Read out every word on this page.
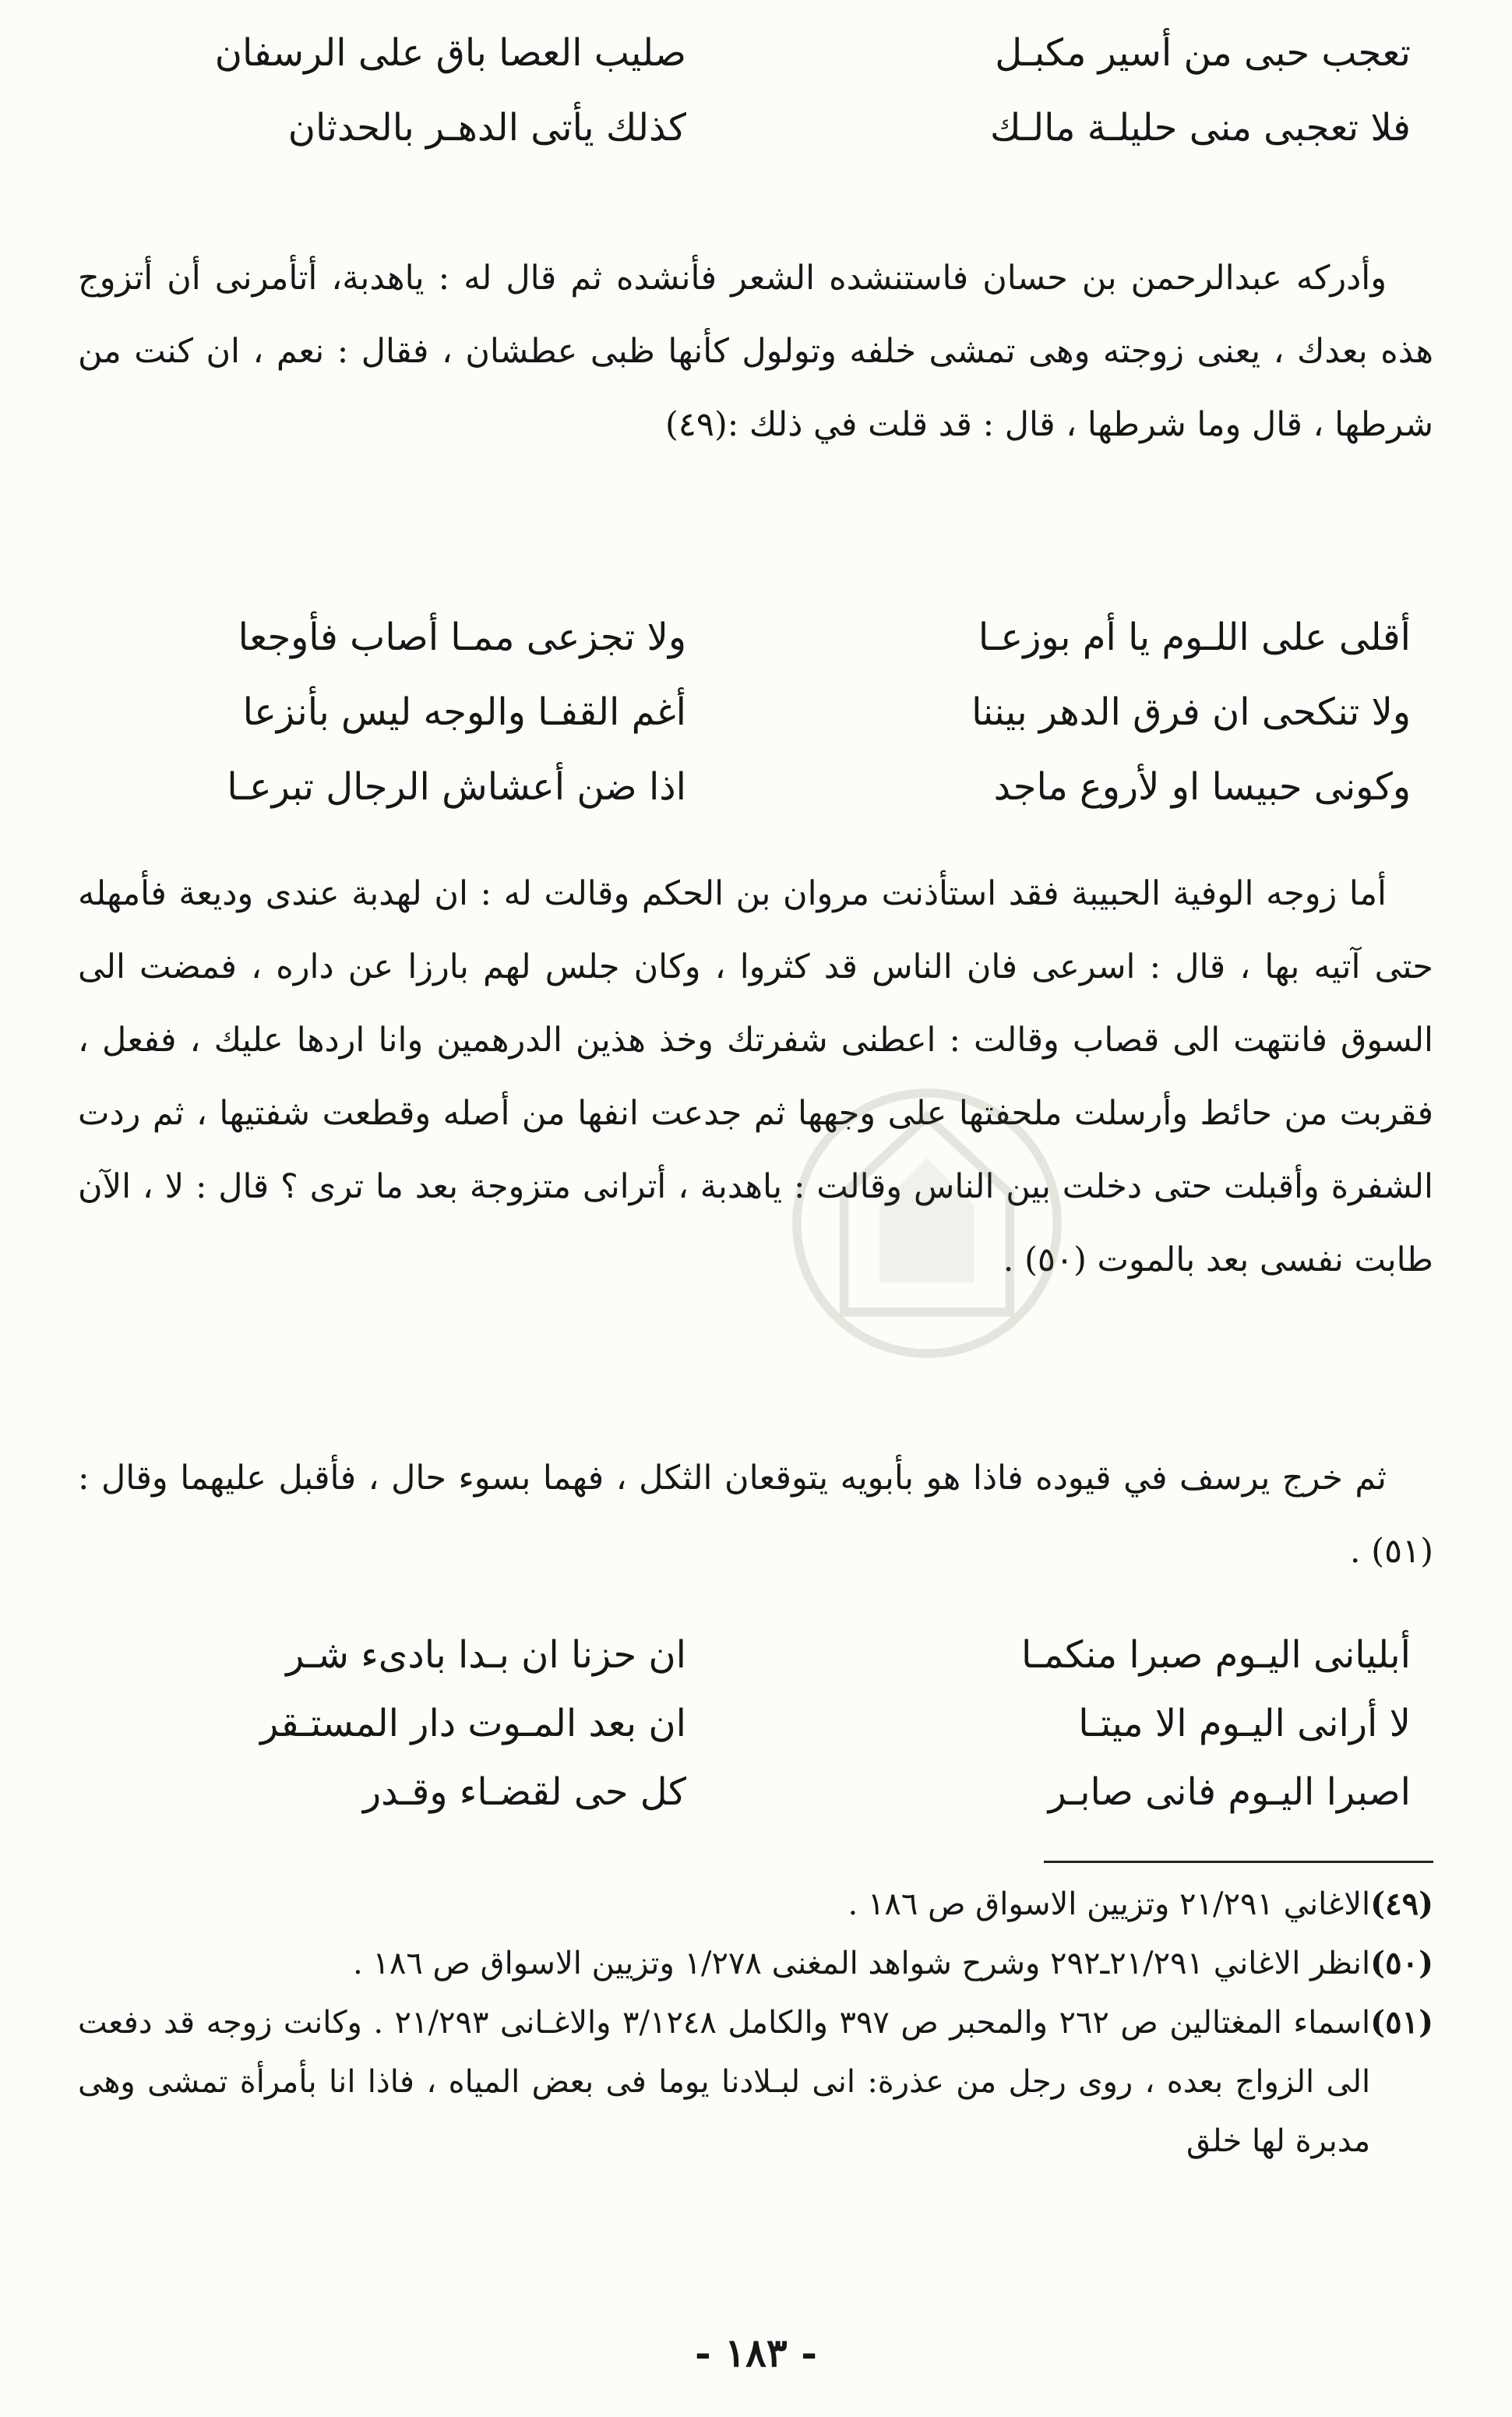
تعجب حبى من أسير مكبـل
صليب العصا باق على الرسفان
فلا تعجبى منى حليلـة مالـك
كذلك يأتى الدهـر بالحدثان

وأدركه عبدالرحمن بن حسان فاستنشده الشعر فأنشده ثم قال له : ياهدبة، أتأمرنى أن أتزوج هذه بعدك ، يعنى زوجته وهى تمشى خلفه وتولول كأنها ظبى عطشان ، فقال : نعم ، ان كنت من شرطها ، قال وما شرطها ، قال : قد قلت في ذلك :(٤٩)

أقلى على اللـوم يا أم بوزعـا
ولا تجزعى ممـا أصاب فأوجعا
ولا تنكحى ان فرق الدهر بيننا
أغم القفـا والوجه ليس بأنزعا
وكونى حبيسا او لأروع ماجد
اذا ضن أعشاش الرجال تبرعـا

أما زوجه الوفية الحبيبة فقد استأذنت مروان بن الحكم وقالت له : ان لهدبة عندى وديعة فأمهله حتى آتيه بها ، قال : اسرعى فان الناس قد كثروا ، وكان جلس لهم بارزا عن داره ، فمضت الى السوق فانتهت الى قصاب وقالت : اعطنى شفرتك وخذ هذين الدرهمين وانا اردها عليك ، ففعل ، فقربت من حائط وأرسلت ملحفتها على وجهها ثم جدعت انفها من أصله وقطعت شفتيها ، ثم ردت الشفرة وأقبلت حتى دخلت بين الناس وقالت : ياهدبة ، أترانى متزوجة بعد ما ترى ؟ قال : لا ، الآن طابت نفسى بعد بالموت (٥٠) .

ثم خرج يرسف في قيوده فاذا هو بأبويه يتوقعان الثكل ، فهما بسوء حال ، فأقبل عليهما وقال : (٥١) .

أبليانى اليـوم صبرا منكمـا
ان حزنا ان بـدا بادىء شـر
لا أرانى اليـوم الا ميتـا
ان بعد المـوت دار المستـقر
اصبرا اليـوم فانى صابـر
كل حى لقضـاء وقـدر
(٤٩)
الاغاني ٢١/٢٩١ وتزيين الاسواق ص ١٨٦ .
(٥٠)
انظر الاغاني ٢١/٢٩١ـ٢٩٢ وشرح شواهد المغنى ١/٢٧٨ وتزيين الاسواق ص ١٨٦ .
(٥١)
اسماء المغتالين ص ٢٦٢ والمحبر ص ٣٩٧ والكامل ٣/١٢٤٨ والاغـانى ٢١/٢٩٣ . وكانت زوجه قد دفعت الى الزواج بعده ، روى رجل من عذرة: انى لبـلادنا يوما فى بعض المياه ، فاذا انا بأمرأة تمشى وهى مدبرة لها خلق
- ١٨٣ -
